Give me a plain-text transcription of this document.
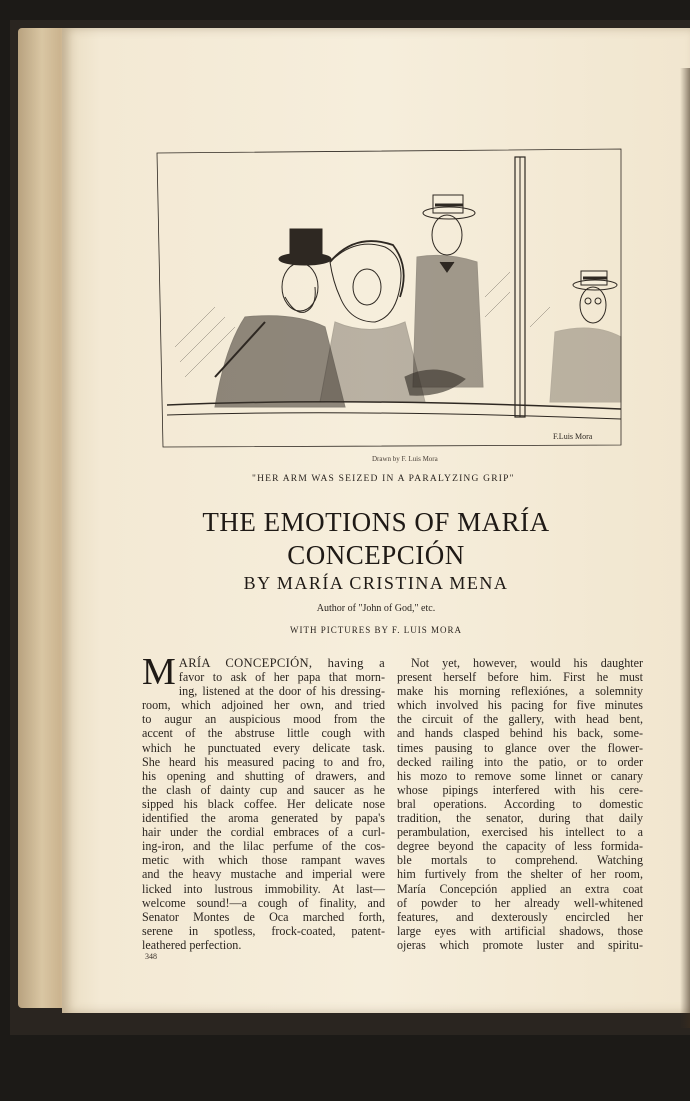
F.Luis Mora
Drawn by F. Luis Mora
"HER ARM WAS SEIZED IN A PARALYZING GRIP"
THE EMOTIONS OF MARÍA
CONCEPCIÓN
BY MARÍA CRISTINA MENA
Author of "John of God," etc.
WITH PICTURES BY F. LUIS MORA
M ARÍA CONCEPCIÓN, having a
favor to ask of her papa that morn-
ing, listened at the door of his dressing-
room, which adjoined her own, and tried
to augur an auspicious mood from the
accent of the abstruse little cough with
which he punctuated every delicate task.
She heard his measured pacing to and fro,
his opening and shutting of drawers, and
the clash of dainty cup and saucer as he
sipped his black coffee. Her delicate nose
identified the aroma generated by papa's
hair under the cordial embraces of a curl-
ing-iron, and the lilac perfume of the cos-
metic with which those rampant waves
and the heavy mustache and imperial were
licked into lustrous immobility. At last—
welcome sound!—a cough of finality, and
Senator Montes de Oca marched forth,
serene in spotless, frock-coated, patent-
leathered perfection.
Not yet, however, would his daughter
present herself before him. First he must
make his morning reflexiónes, a solemnity
which involved his pacing for five minutes
the circuit of the gallery, with head bent,
and hands clasped behind his back, some-
times pausing to glance over the flower-
decked railing into the patio, or to order
his mozo to remove some linnet or canary
whose pipings interfered with his cere-
bral operations. According to domestic
tradition, the senator, during that daily
perambulation, exercised his intellect to a
degree beyond the capacity of less formida-
ble mortals to comprehend. Watching
him furtively from the shelter of her room,
María Concepción applied an extra coat
of powder to her already well-whitened
features, and dexterously encircled her
large eyes with artificial shadows, those
ojeras which promote luster and spiritu-
348
